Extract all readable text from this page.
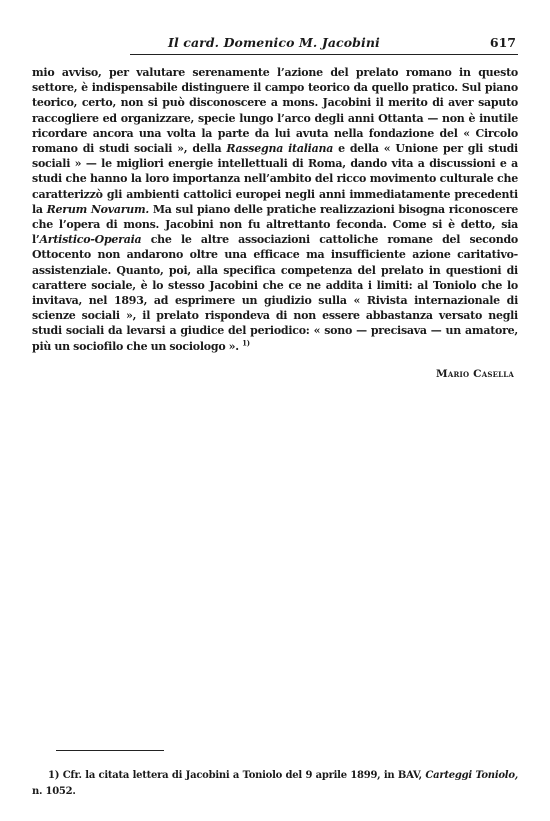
Il card. Domenico M. Jacobini	617

mio avviso, per valutare serenamente l’azione del prelato romano in questo settore, è indispensabile distinguere il campo teorico da quello pratico. Sul piano teorico, certo, non si può disconoscere a mons. Jacobini il merito di aver saputo raccogliere ed organizzare, specie lungo l’arco degli anni Ottanta — non è inutile ricordare ancora una volta la parte da lui avuta nella fondazione del « Circolo romano di studi sociali », della Rassegna italiana e della « Unione per gli studi sociali » — le migliori energie intellettuali di Roma, dando vita a discussioni e a studi che hanno la loro importanza nell’ambito del ricco movimento culturale che caratterizzò gli ambienti cattolici europei negli anni immediatamente precedenti la Rerum Novarum. Ma sul piano delle pratiche realizzazioni bisogna riconoscere che l’opera di mons. Jacobini non fu altrettanto feconda. Come si è detto, sia l’Artistico-Operaia che le altre associazioni cattoliche romane del secondo Ottocento non andarono oltre una efficace ma insufficiente azione caritativo-assistenziale. Quanto, poi, alla specifica competenza del prelato in questioni di carattere sociale, è lo stesso Jacobini che ce ne addita i limiti: al Toniolo che lo invitava, nel 1893, ad esprimere un giudizio sulla « Rivista internazionale di scienze sociali », il prelato rispondeva di non essere abbastanza versato negli studi sociali da levarsi a giudice del periodico: « sono — precisava — un amatore, più un sociofilo che un sociologo ». $^{1)}$

Mario Casella
1) Cfr. la citata lettera di Jacobini a Toniolo del 9 aprile 1899, in BAV, Carteggi Toniolo, n. 1052.
